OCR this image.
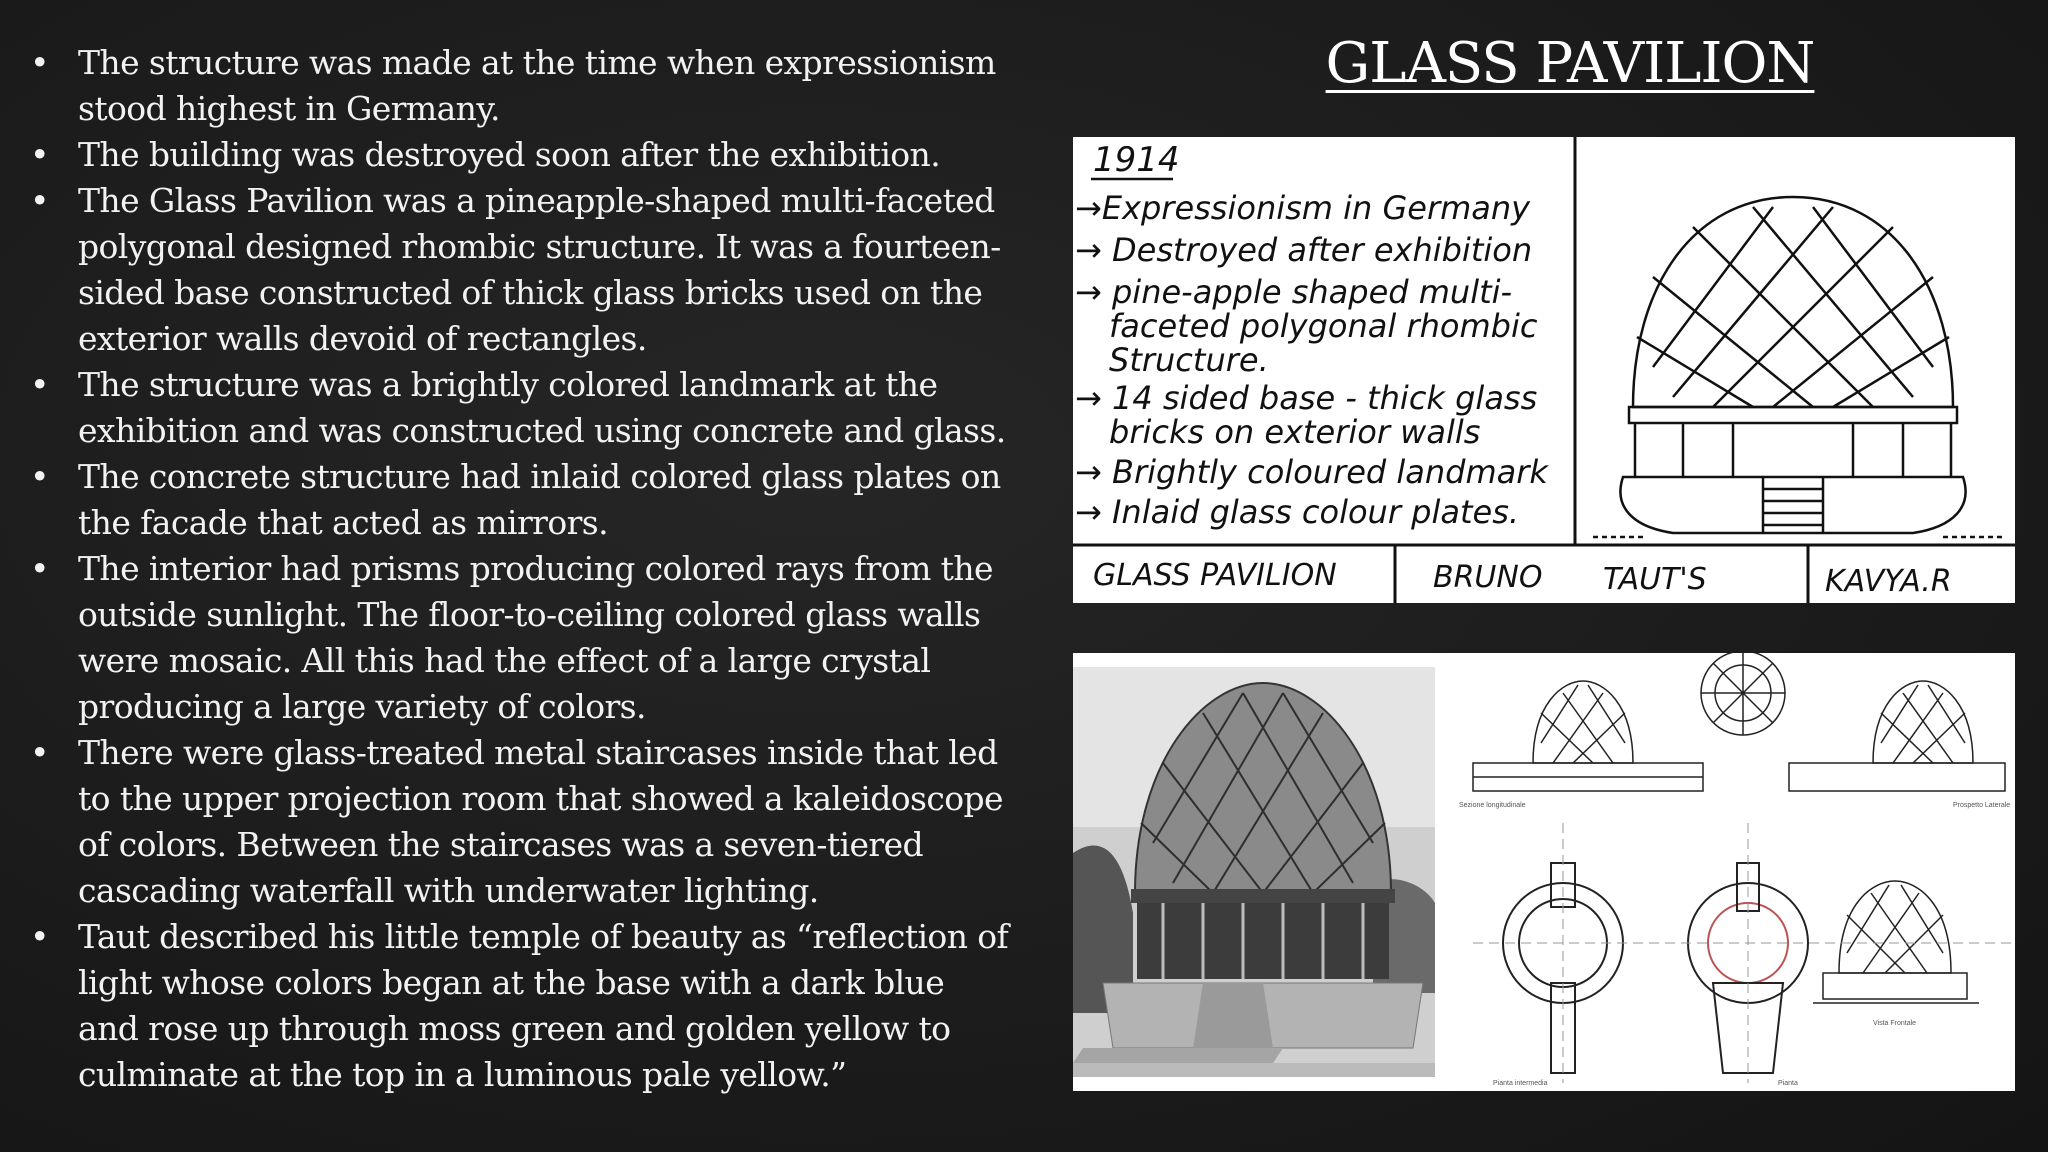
GLASS PAVILION
• The structure was made at the time when expressionism stood highest in Germany.
• The building was destroyed soon after the exhibition.
• The Glass Pavilion was a pineapple-shaped multi-faceted polygonal designed rhombic structure. It was a fourteen-sided base constructed of thick glass bricks used on the exterior walls devoid of rectangles.
• The structure was a brightly colored landmark at the exhibition and was constructed using concrete and glass.
• The concrete structure had inlaid colored glass plates on the facade that acted as mirrors.
• The interior had prisms producing colored rays from the outside sunlight. The floor-to-ceiling colored glass walls were mosaic. All this had the effect of a large crystal producing a large variety of colors.
• There were glass-treated metal staircases inside that led to the upper projection room that showed a kaleidoscope of colors. Between the staircases was a seven-tiered cascading waterfall with underwater lighting.
• Taut described his little temple of beauty as “reflection of light whose colors began at the base with a dark blue and rose up through moss green and golden yellow to culminate at the top in a luminous pale yellow.”
1914
→Expressionism in Germany
→ Destroyed after exhibition
→ pine-apple shaped multi-
faceted polygonal rhombic
Structure.
→ 14 sided base - thick glass
bricks on exterior walls
→ Brightly coloured landmark
→ Inlaid glass colour plates.
GLASS PAVILION	BRUNO TAUT'S	KAVYA.R
Sezione longitudinale	Prospetto Laterale
Pianta intermedia	Pianta
Vista Frontale
